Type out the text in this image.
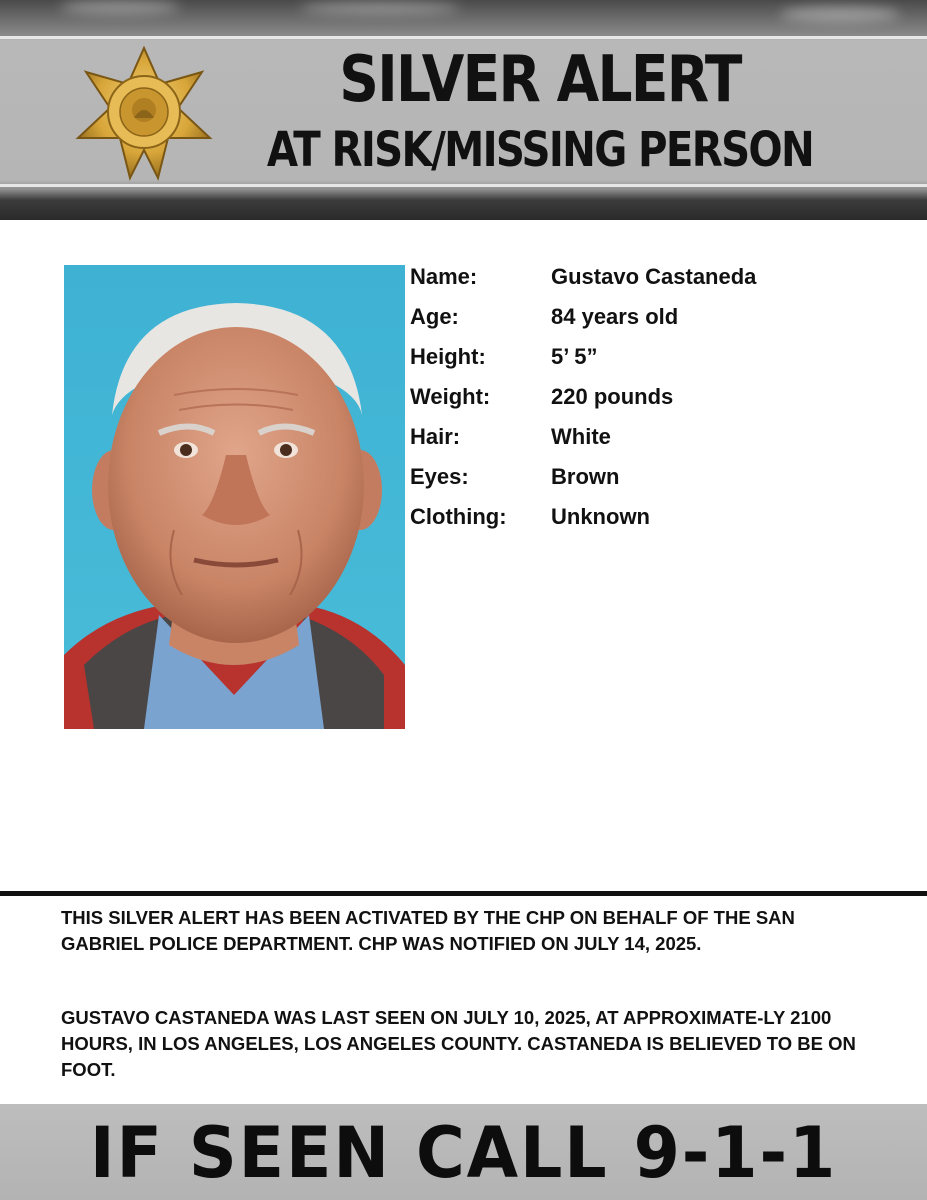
SILVER ALERT
AT RISK/MISSING PERSON
Name:	Gustavo Castaneda
Age:	84 years old
Height:	5’ 5”
Weight:	220 pounds
Hair:	White
Eyes:	Brown
Clothing: Unknown
THIS SILVER ALERT HAS BEEN ACTIVATED BY THE CHP ON BEHALF OF THE SAN GABRIEL POLICE DEPARTMENT. CHP WAS NOTIFIED ON JULY 14, 2025.
GUSTAVO CASTANEDA WAS LAST SEEN ON JULY 10, 2025, AT APPROXIMATE-LY 2100 HOURS, IN LOS ANGELES, LOS ANGELES COUNTY. CASTANEDA IS BELIEVED TO BE ON FOOT.
IF SEEN CALL 9-1-1
